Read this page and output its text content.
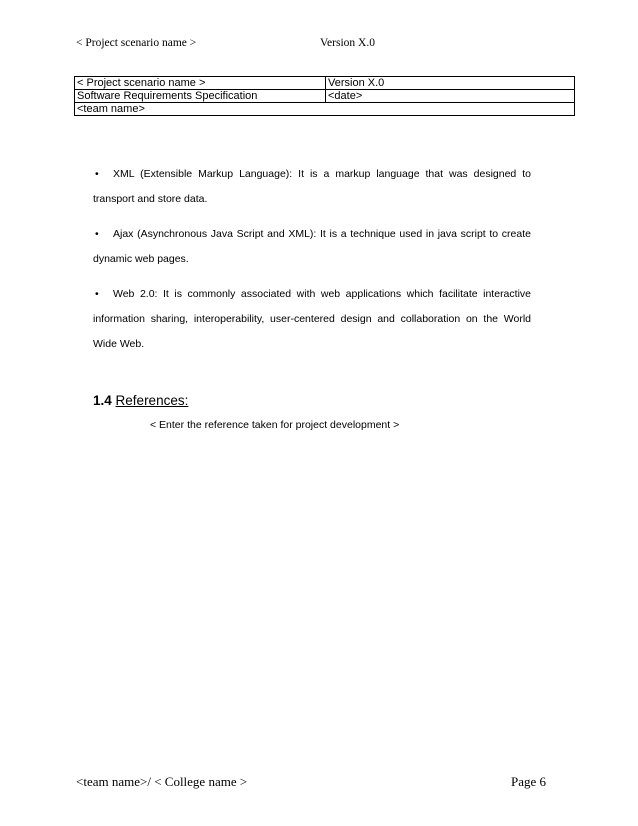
< Project scenario name >	Version X.0
< Project scenario name >	Version X.0
Software Requirements Specification	<date>
<team name>	
•	XML (Extensible Markup Language): It is a markup language that was designed to
transport and store data.
•	Ajax (Asynchronous Java Script and XML): It is a technique used in java script to create
dynamic web pages.
•	Web 2.0: It is commonly associated with web applications which facilitate interactive
information sharing, interoperability, user-centered design and collaboration on the World Wide Web.
1.4 References:
< Enter the reference taken for project development >
<team name>/ < College name >	Page 6
